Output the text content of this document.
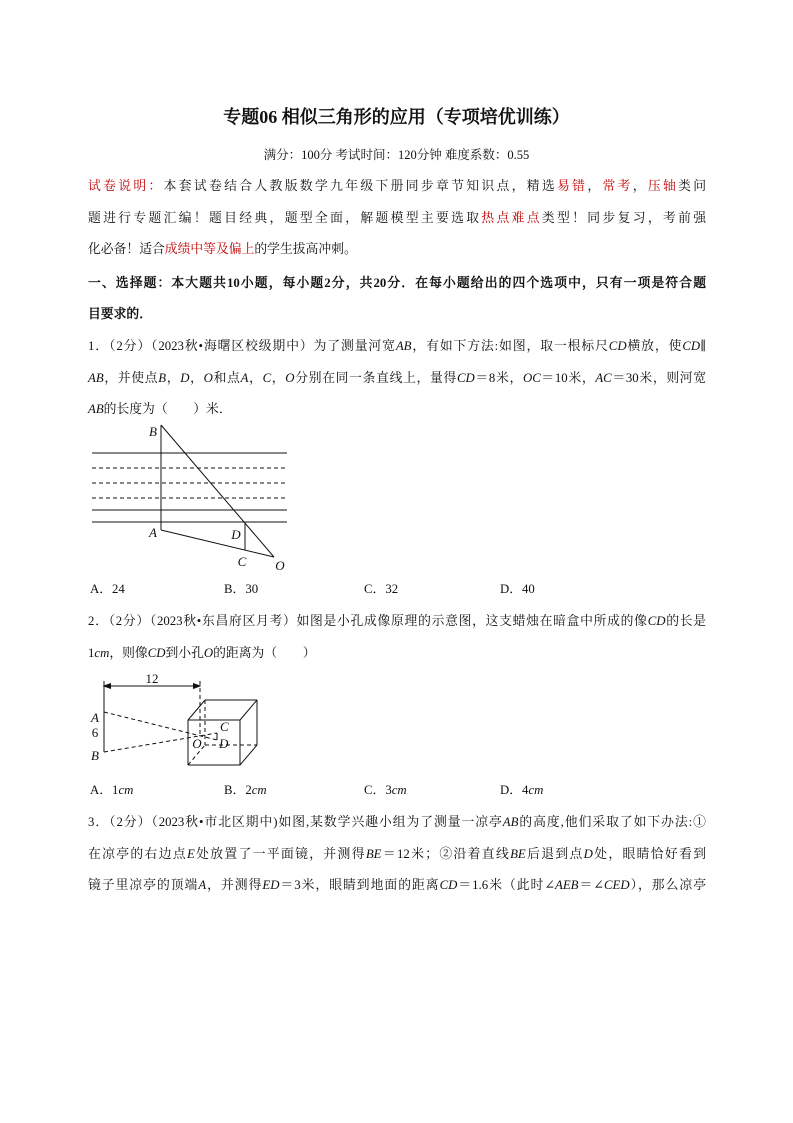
专题06 相似三角形的应用（专项培优训练）
满分：100分 考试时间：120分钟 难度系数：0.55
试卷说明：本套试卷结合人教版数学九年级下册同步章节知识点，精选易错，常考，压轴类问
题进行专题汇编！题目经典，题型全面，解题模型主要选取热点难点类型！同步复习，考前强
化必备！适合成绩中等及偏上的学生拔高冲刺。
一、选择题：本大题共10小题，每小题2分，共20分．在每小题给出的四个选项中，只有一项是符合题
目要求的．
1．（2分）（2023秋•海曙区校级期中）为了测量河宽AB，有如下方法:如图，取一根标尺CD横放，使CD∥
AB，并使点B，D，O和点A，C，O分别在同一条直线上，量得CD＝8米，OC＝10米，AC＝30米，则河宽
AB的长度为（　　）米．
B
A	D
C O
A．24	B．30	C．32	D．40
2．（2分）（2023秋•东昌府区月考）如图是小孔成像原理的示意图，这支蜡烛在暗盒中所成的像CD的长是
1cm，则像CD到小孔O的距离为（　　）
12
A
6
B
C
O D
A．1cm	B．2cm	C．3cm	D．4cm
3．（2分）（2023秋•市北区期中)如图,某数学兴趣小组为了测量一凉亭AB的高度,他们采取了如下办法:①
在凉亭的右边点E处放置了一平面镜，并测得BE＝12米；②沿着直线BE后退到点D处，眼睛恰好看到
镜子里凉亭的顶端A，并测得ED＝3米，眼睛到地面的距离CD＝1.6米（此时∠AEB＝∠CED），那么凉亭
